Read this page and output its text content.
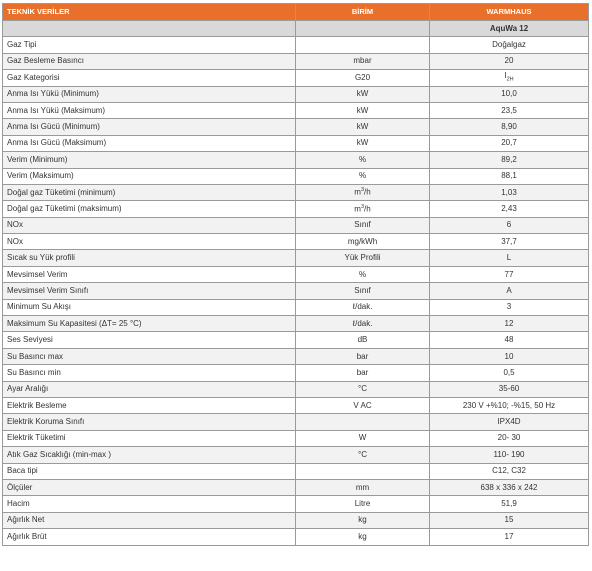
TEKNİK VERİLER	BİRİM	WARMHAUS
		AquWa 12
Gaz Tipi		Doğalgaz
Gaz Besleme Basıncı	mbar	20
Gaz Kategorisi	G20	$I_{2H}$
Anma Isı Yükü (Minimum)	kW	10,0
Anma Isı Yükü (Maksimum)	kW	23,5
Anma Isı Gücü (Minimum)	kW	8,90
Anma Isı Gücü (Maksimum)	kW	20,7
Verim (Minimum)	%	89,2
Verim (Maksimum)	%	88,1
Doğal gaz Tüketimi (minimum)	$m^3/h$	1,03
Doğal gaz Tüketimi (maksimum)	$m^3/h$	2,43
NOx	Sınıf	6
NOx	mg/kWh	37,7
Sıcak su Yük profili	Yük Profili	L
Mevsimsel Verim	%	77
Mevsimsel Verim Sınıfı	Sınıf	A
Minimum Su Akışı	ℓ/dak.	3
Maksimum Su Kapasitesi (ΔT= 25 °C)	ℓ/dak.	12
Ses Seviyesi	dB	48
Su Basıncı max	bar	10
Su Basıncı min	bar	0,5
Ayar Aralığı	°C	35-60
Elektrik Besleme	V AC	230 V +%10; -%15, 50 Hz
Elektrik Koruma Sınıfı		IPX4D
Elektrik Tüketimi	W	20- 30
Atık Gaz Sıcaklığı (min-max )	°C	110- 190
Baca tipi		C12, C32
Ölçüler	mm	638 x 336 x 242
Hacim	Litre	51,9
Ağırlık Net	kg	15
Ağırlık Brüt	kg	17
